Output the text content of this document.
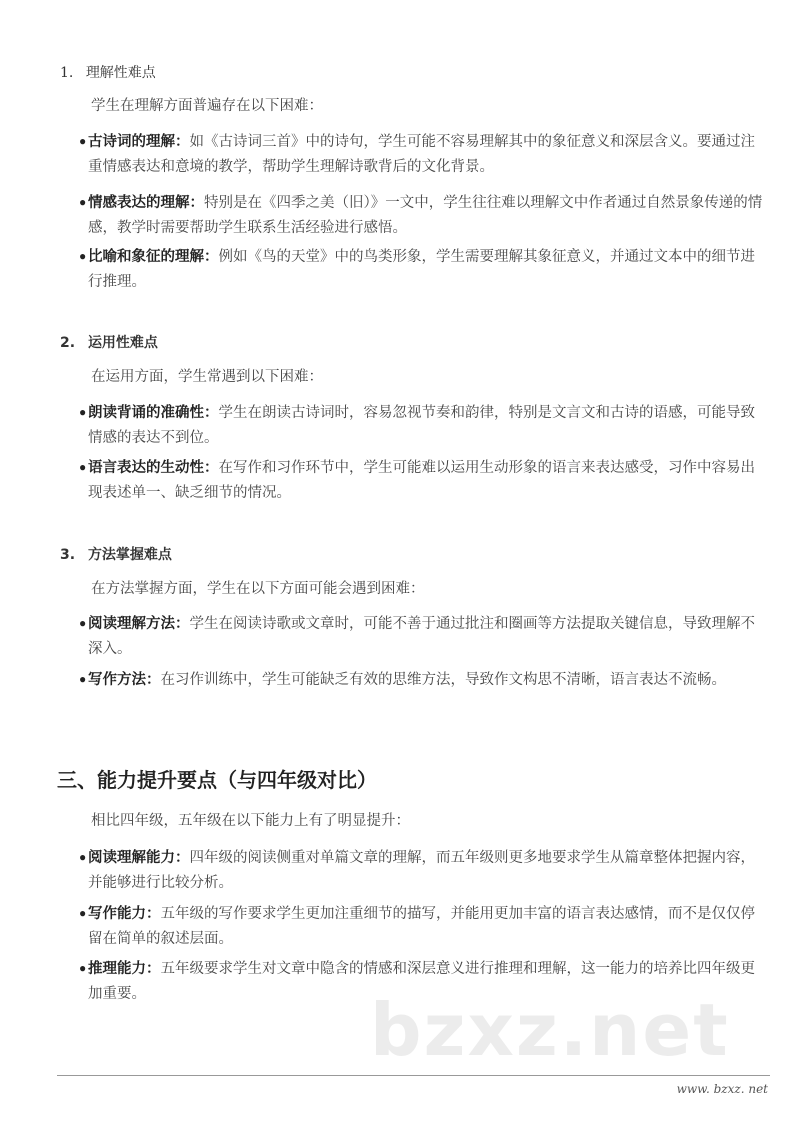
1. 理解性难点
学生在理解方面普遍存在以下困难：
• 古诗词的理解：如《古诗词三首》中的诗句，学生可能不容易理解其中的象征意义和深层含义。要通过注重情感表达和意境的教学，帮助学生理解诗歌背后的文化背景。
• 情感表达的理解：特别是在《四季之美（旧）》一文中，学生往往难以理解文中作者通过自然景象传递的情感，教学时需要帮助学生联系生活经验进行感悟。
• 比喻和象征的理解：例如《鸟的天堂》中的鸟类形象，学生需要理解其象征意义，并通过文本中的细节进行推理。
2. 运用性难点
在运用方面，学生常遇到以下困难：
• 朗读背诵的准确性：学生在朗读古诗词时，容易忽视节奏和韵律，特别是文言文和古诗的语感，可能导致情感的表达不到位。
• 语言表达的生动性：在写作和习作环节中，学生可能难以运用生动形象的语言来表达感受，习作中容易出现表述单一、缺乏细节的情况。
3. 方法掌握难点
在方法掌握方面，学生在以下方面可能会遇到困难：
• 阅读理解方法：学生在阅读诗歌或文章时，可能不善于通过批注和圈画等方法提取关键信息，导致理解不深入。
• 写作方法：在习作训练中，学生可能缺乏有效的思维方法，导致作文构思不清晰，语言表达不流畅。
三、能力提升要点（与四年级对比）
相比四年级，五年级在以下能力上有了明显提升：
• 阅读理解能力：四年级的阅读侧重对单篇文章的理解，而五年级则更多地要求学生从篇章整体把握内容，并能够进行比较分析。
• 写作能力：五年级的写作要求学生更加注重细节的描写，并能用更加丰富的语言表达感情，而不是仅仅停留在简单的叙述层面。
• 推理能力：五年级要求学生对文章中隐含的情感和深层意义进行推理和理解，这一能力的培养比四年级更加重要。	bzxz.net
www. bzxz. net
